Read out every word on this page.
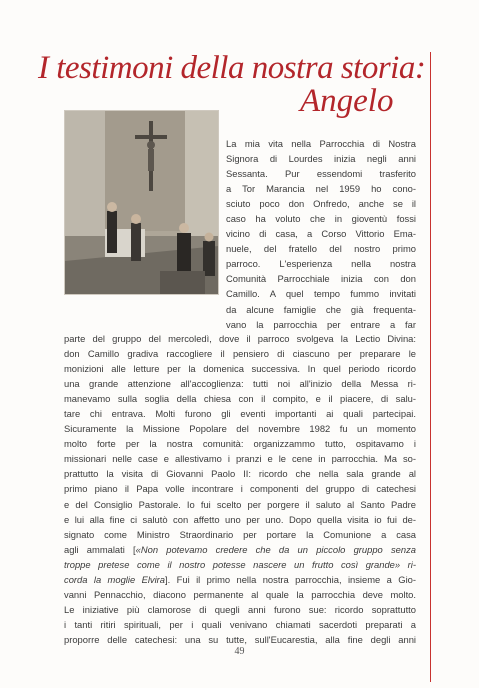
I testimoni della nostra storia:
Angelo
La mia vita nella Parrocchia di Nostra
Signora di Lourdes inizia negli anni
Sessanta. Pur essendomi trasferito
a Tor Marancia nel 1959 ho cono-
sciuto poco don Onfredo, anche se il
caso ha voluto che in gioventù fossi
vicino di casa, a Corso Vittorio Ema-
nuele, del fratello del nostro primo
parroco. L'esperienza nella nostra
Comunità Parrocchiale inizia con don
Camillo. A quel tempo fummo invitati
da alcune famiglie che già frequenta-
vano la parrocchia per entrare a far
parte del gruppo del mercoledì, dove il parroco svolgeva la Lectio Divina:
don Camillo gradiva raccogliere il pensiero di ciascuno per preparare le
monizioni alle letture per la domenica successiva. In quel periodo ricordo
una grande attenzione all'accoglienza: tutti noi all'inizio della Messa ri-
manevamo sulla soglia della chiesa con il compito, e il piacere, di salu-
tare chi entrava. Molti furono gli eventi importanti ai quali partecipai.
Sicuramente la Missione Popolare del novembre 1982 fu un momento
molto forte per la nostra comunità: organizzammo tutto, ospitavamo i
missionari nelle case e allestivamo i pranzi e le cene in parrocchia. Ma so-
prattutto la visita di Giovanni Paolo II: ricordo che nella sala grande al
primo piano il Papa volle incontrare i componenti del gruppo di catechesi
e del Consiglio Pastorale. Io fui scelto per porgere il saluto al Santo Padre
e lui alla fine ci salutò con affetto uno per uno. Dopo quella visita io fui de-
signato come Ministro Straordinario per portare la Comunione a casa
agli ammalati [«Non potevamo credere che da un piccolo gruppo senza
troppe pretese come il nostro potesse nascere un frutto così grande» ri-
corda la moglie Elvira]. Fui il primo nella nostra parrocchia, insieme a Gio-
vanni Pennacchio, diacono permanente al quale la parrocchia deve molto.
Le iniziative più clamorose di quegli anni furono sue: ricordo soprattutto
i tanti ritiri spirituali, per i quali venivano chiamati sacerdoti preparati a
proporre delle catechesi: una su tutte, sull'Eucarestia, alla fine degli anni
49
